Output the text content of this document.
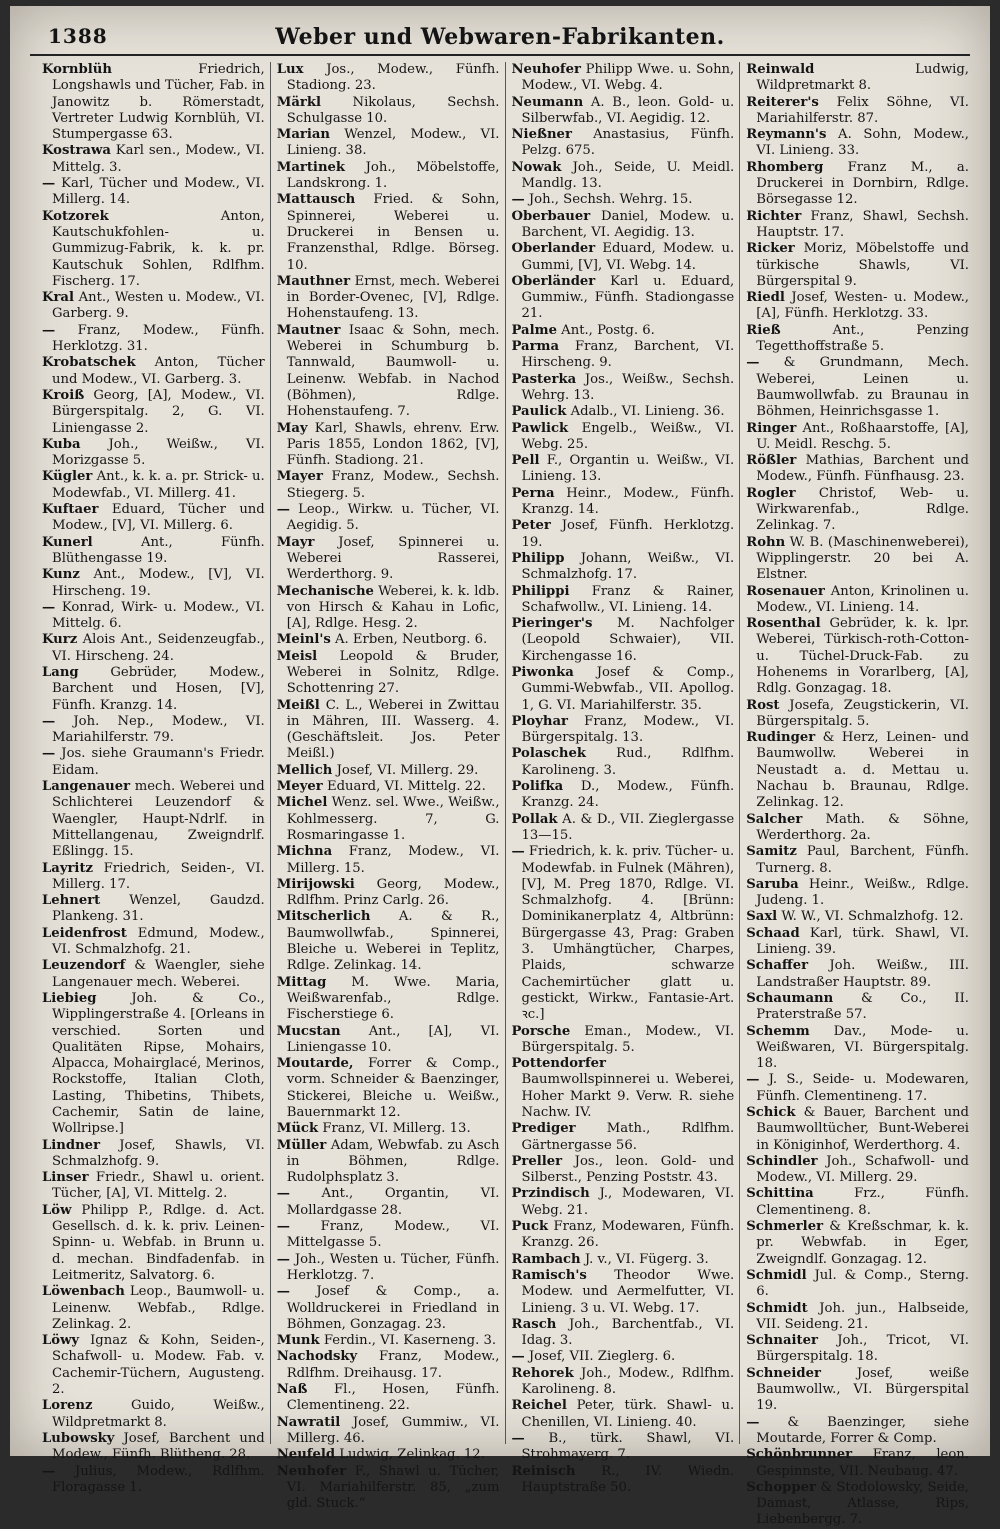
1388	Weber und Webwaren-Fabrikanten.

Kornblüh	Friedrich, Longshawls und Tücher, Fab. in Janowitz b. Römerstadt, Vertreter Ludwig Kornblüh, VI. Stumpergasse 63.

Kostrawa Karl sen., Modew., VI. Mittelg. 3.

— Karl, Tücher und Modew., VI. Millerg. 14.

Kotzorek	Anton, Kautschukfohlen- u. Gummizug-Fabrik, k. k. pr. Kautschuk Sohlen, Rdlfhm. Fischerg. 17.

Kral Ant., Westen u. Modew., VI. Garberg. 9.

— Franz, Modew., Fünfh. Herklotzg. 31.

Krobatschek Anton, Tücher und Modew., VI. Garberg. 3.

Kroiß Georg, [A], Modew., VI. Bürgerspitalg. 2, G. VI. Liniengasse 2.

Kuba Joh., Weißw., VI. Morizgasse 5.

Kügler Ant., k. k. a. pr. Strick- u. Modewfab., VI. Millerg. 41.

Kuftaer Eduard, Tücher und Modew., [V], VI. Millerg. 6.

Kunerl	Ant., Fünfh. Blüthengasse 19.

Kunz Ant., Modew., [V], VI. Hirscheng. 19.

— Konrad, Wirk- u. Modew., VI. Mittelg. 6.

Kurz Alois Ant., Seidenzeugfab., VI. Hirscheng. 24.

Lang Gebrüder, Modew., Barchent und Hosen, [V], Fünfh. Kranzg. 14.

— Joh. Nep., Modew., VI. Mariahilferstr. 79.

— Jos. siehe Graumann's Friedr. Eidam.

Langenauer mech. Weberei und Schlichterei Leuzendorf & Waengler, Haupt-Ndrlf. in Mittellangenau, Zweigndrlf. Eßlingg. 15.

Layritz Friedrich, Seiden-, VI. Millerg. 17.

Lehnert Wenzel, Gaudzd. Plankeng. 31.

Leidenfrost Edmund, Modew., VI. Schmalzhofg. 21.

Leuzendorf & Waengler, siehe Langenauer mech. Weberei.

Liebieg	Joh. & Co., Wipplingerstraße 4. [Orleans in verschied. Sorten und Qualitäten Ripse, Mohairs, Alpacca, Mohairglacé, Merinos, Rockstoffe, Italian Cloth, Lasting, Thibetins, Thibets, Cachemir, Satin de laine, Wollripse.]

Lindner Josef, Shawls, VI. Schmalzhofg. 9.

Linser Friedr., Shawl u. orient. Tücher, [A], VI. Mittelg. 2.

Löw Philipp P., Rdlge. d. Act. Gesellsch. d. k. k. priv. Leinen-Spinn- u. Webfab. in Brunn u. d. mechan. Bindfadenfab. in Leitmeritz, Salvatorg. 6.

Löwenbach Leop., Baumwoll- u. Leinenw. Webfab., Rdlge. Zelinkag. 2.

Löwy Ignaz & Kohn, Seiden-, Schafwoll- u. Modew. Fab. v. Cachemir-Tüchern, Augusteng. 2.

Lorenz	Guido, Weißw., Wildpretmarkt 8.

Lubowsky Josef, Barchent und Modew., Fünfh. Blütheng. 28.

— Julius, Modew., Rdlfhm. Floragasse 1.

Lux Jos., Modew., Fünfh. Stadiong. 23.

Märkl Nikolaus, Sechsh. Schulgasse 10.

Marian Wenzel, Modew., VI. Linieng. 38.

Martinek Joh., Möbelstoffe, Landskrong. 1.

Mattausch Fried. & Sohn, Spinnerei, Weberei u. Druckerei in Bensen u. Franzensthal, Rdlge. Börseg. 10.

Mauthner Ernst, mech. Weberei in Border-Ovenec, [V], Rdlge. Hohenstaufeng. 13.

Mautner Isaac & Sohn, mech. Weberei in Schumburg b. Tannwald, Baumwoll- u. Leinenw. Webfab. in Nachod (Böhmen), Rdlge. Hohenstaufeng. 7.

May Karl, Shawls, ehrenv. Erw. Paris 1855, London 1862, [V], Fünfh. Stadiong. 21.

Mayer Franz, Modew., Sechsh. Stiegerg. 5.

— Leop., Wirkw. u. Tücher, VI. Aegidig. 5.

Mayr Josef, Spinnerei u. Weberei Rasserei, Werderthorg. 9.

Mechanische Weberei, k. k. ldb. von Hirsch & Kahau in Lofic, [A], Rdlge. Hesg. 2.

Meinl's A. Erben, Neutborg. 6.

Meisl Leopold & Bruder, Weberei in Solnitz, Rdlge. Schottenring 27.

Meißl C. L., Weberei in Zwittau in Mähren, III. Wasserg. 4. (Geschäftsleit. Jos. Peter Meißl.)

Mellich Josef, VI. Millerg. 29.

Meyer Eduard, VI. Mittelg. 22.

Michel Wenz. sel. Wwe., Weißw., Kohlmesserg. 7, G. Rosmaringasse 1.

Michna Franz, Modew., VI. Millerg. 15.

Mirijowski Georg, Modew., Rdlfhm. Prinz Carlg. 26.

Mitscherlich A. & R., Baumwollwfab., Spinnerei, Bleiche u. Weberei in Teplitz, Rdlge. Zelinkag. 14.

Mittag M. Wwe. Maria, Weißwarenfab., Rdlge. Fischerstiege 6.

Mucstan Ant., [A], VI. Liniengasse 10.

Moutarde, Forrer & Comp., vorm. Schneider & Baenzinger, Stickerei, Bleiche u. Weißw., Bauernmarkt 12.

Mück Franz, VI. Millerg. 13.

Müller Adam, Webwfab. zu Asch in Böhmen, Rdlge. Rudolphsplatz 3.

— Ant., Organtin, VI. Mollardgasse 28.

— Franz, Modew., VI. Mittelgasse 5.

— Joh., Westen u. Tücher, Fünfh. Herklotzg. 7.

— Josef & Comp., a. Wolldruckerei in Friedland in Böhmen, Gonzagag. 23.

Munk Ferdin., VI. Kaserneng. 3.

Nachodsky Franz, Modew., Rdlfhm. Dreihausg. 17.

Naß Fl., Hosen, Fünfh. Clementineng. 22.

Nawratil Josef, Gummiw., VI. Millerg. 46.

Neufeld Ludwig, Zelinkag. 12.

Neuhofer F., Shawl u. Tücher, VI. Mariahilferstr. 85, „zum gld. Stuck.“

Neuhofer Philipp Wwe. u. Sohn, Modew., VI. Webg. 4.

Neumann A. B., leon. Gold- u. Silberwfab., VI. Aegidig. 12.

Nießner Anastasius, Fünfh. Pelzg. 675.

Nowak Joh., Seide, U. Meidl. Mandlg. 13.

— Joh., Sechsh. Wehrg. 15.

Oberbauer Daniel, Modew. u. Barchent, VI. Aegidig. 13.

Oberlander Eduard, Modew. u. Gummi, [V], VI. Webg. 14.

Oberländer Karl u. Eduard, Gummiw., Fünfh. Stadiongasse 21.

Palme Ant., Postg. 6.

Parma Franz, Barchent, VI. Hirscheng. 9.

Pasterka Jos., Weißw., Sechsh. Wehrg. 13.

Paulick Adalb., VI. Linieng. 36.

Pawlick Engelb., Weißw., VI. Webg. 25.

Pell F., Organtin u. Weißw., VI. Linieng. 13.

Perna Heinr., Modew., Fünfh. Kranzg. 14.

Peter Josef, Fünfh. Herklotzg. 19.

Philipp Johann, Weißw., VI. Schmalzhofg. 17.

Philippi Franz & Rainer, Schafwollw., VI. Linieng. 14.

Pieringer's M. Nachfolger (Leopold Schwaier), VII. Kirchengasse 16.

Piwonka Josef & Comp., Gummi-Webwfab., VII. Apollog. 1, G. VI. Mariahilferstr. 35.

Ployhar Franz, Modew., VI. Bürgerspitalg. 13.

Polaschek Rud., Rdlfhm. Karolineng. 3.

Polifka D., Modew., Fünfh. Kranzg. 24.

Pollak A. & D., VII. Zieglergasse 13—15.

— Friedrich, k. k. priv. Tücher- u. Modewfab. in Fulnek (Mähren), [V], M. Preg 1870, Rdlge. VI. Schmalzhofg. 4. [Brünn: Dominikanerplatz 4, Altbrünn: Bürgergasse 43, Prag: Graben 3. Umhängtücher, Charpes, Plaids, schwarze Cachemirtücher glatt u. gestickt, Wirkw., Fantasie-Art. ꝛc.]

Porsche Eman., Modew., VI. Bürgerspitalg. 5.

Pottendorfer Baumwollspinnerei u. Weberei, Hoher Markt 9. Verw. R. siehe Nachw. IV.

Prediger Math., Rdlfhm. Gärtnergasse 56.

Preller Jos., leon. Gold- und Silberst., Penzing Poststr. 43.

Przindisch J., Modewaren, VI. Webg. 21.

Puck Franz, Modewaren, Fünfh. Kranzg. 26.

Rambach J. v., VI. Fügerg. 3.

Ramisch's Theodor Wwe. Modew. und Aermelfutter, VI. Linieng. 3 u. VI. Webg. 17.

Rasch Joh., Barchentfab., VI. Idag. 3.

— Josef, VII. Zieglerg. 6.

Rehorek Joh., Modew., Rdlfhm. Karolineng. 8.

Reichel Peter, türk. Shawl- u. Chenillen, VI. Linieng. 40.

— B., türk. Shawl, VI. Strohmayerg. 7.

Reinisch R., IV. Wiedn. Hauptstraße 50.

Reinwald	Ludwig, Wildpretmarkt 8.

Reiterer's Felix Söhne, VI. Mariahilferstr. 87.

Reymann's A. Sohn, Modew., VI. Linieng. 33.

Rhomberg Franz M., a. Druckerei in Dornbirn, Rdlge. Börsegasse 12.

Richter Franz, Shawl, Sechsh. Hauptstr. 17.

Ricker Moriz, Möbelstoffe und türkische Shawls, VI. Bürgerspital 9.

Riedl Josef, Westen- u. Modew., [A], Fünfh. Herklotzg. 33.

Rieß	Ant., Penzing Tegetthoffstraße 5.

— & Grundmann, Mech. Weberei, Leinen u. Baumwollwfab. zu Braunau in Böhmen, Heinrichsgasse 1.

Ringer Ant., Roßhaarstoffe, [A], U. Meidl. Reschg. 5.

Rößler Mathias, Barchent und Modew., Fünfh. Fünfhausg. 23.

Rogler Christof, Web- u. Wirkwarenfab., Rdlge. Zelinkag. 7.

Rohn W. B. (Maschinenweberei), Wipplingerstr. 20 bei A. Elstner.

Rosenauer Anton, Krinolinen u. Modew., VI. Linieng. 14.

Rosenthal Gebrüder, k. k. lpr. Weberei, Türkisch-roth-Cotton- u. Tüchel-Druck-Fab. zu Hohenems in Vorarlberg, [A], Rdlg. Gonzagag. 18.

Rost Josefa, Zeugstickerin, VI. Bürgerspitalg. 5.

Rudinger & Herz, Leinen- und Baumwollw. Weberei in Neustadt a. d. Mettau u. Nachau b. Braunau, Rdlge. Zelinkag. 12.

Salcher Math. & Söhne, Werderthorg. 2a.

Samitz Paul, Barchent, Fünfh. Turnerg. 8.

Saruba Heinr., Weißw., Rdlge. Judeng. 1.

Saxl W. W., VI. Schmalzhofg. 12.

Schaad Karl, türk. Shawl, VI. Linieng. 39.

Schaffer Joh. Weißw., III. Landstraßer Hauptstr. 89.

Schaumann & Co., II. Praterstraße 57.

Schemm Dav., Mode- u. Weißwaren, VI. Bürgerspitalg. 18.

— J. S., Seide- u. Modewaren, Fünfh. Clementineng. 17.

Schick & Bauer, Barchent und Baumwolltücher, Bunt-Weberei in Königinhof, Werderthorg. 4.

Schindler Joh., Schafwoll- und Modew., VI. Millerg. 29.

Schittina	Frz., Fünfh. Clementineng. 8.

Schmerler & Kreßschmar, k. k. pr. Webwfab. in Eger, Zweigndlf. Gonzagag. 12.

Schmidl Jul. & Comp., Sterng. 6.

Schmidt Joh. jun., Halbseide, VII. Seideng. 21.

Schnaiter Joh., Tricot, VI. Bürgerspitalg. 18.

Schneider	Josef, weiße Baumwollw., VI. Bürgerspital 19.

— & Baenzinger, siehe Moutarde, Forrer & Comp.

Schönbrunner Franz, leon. Gespinnste, VII. Neubaug. 47.

Schopper & Stodolowsky, Seide, Damast, Atlasse, Rips, Liebenbergg. 7.
